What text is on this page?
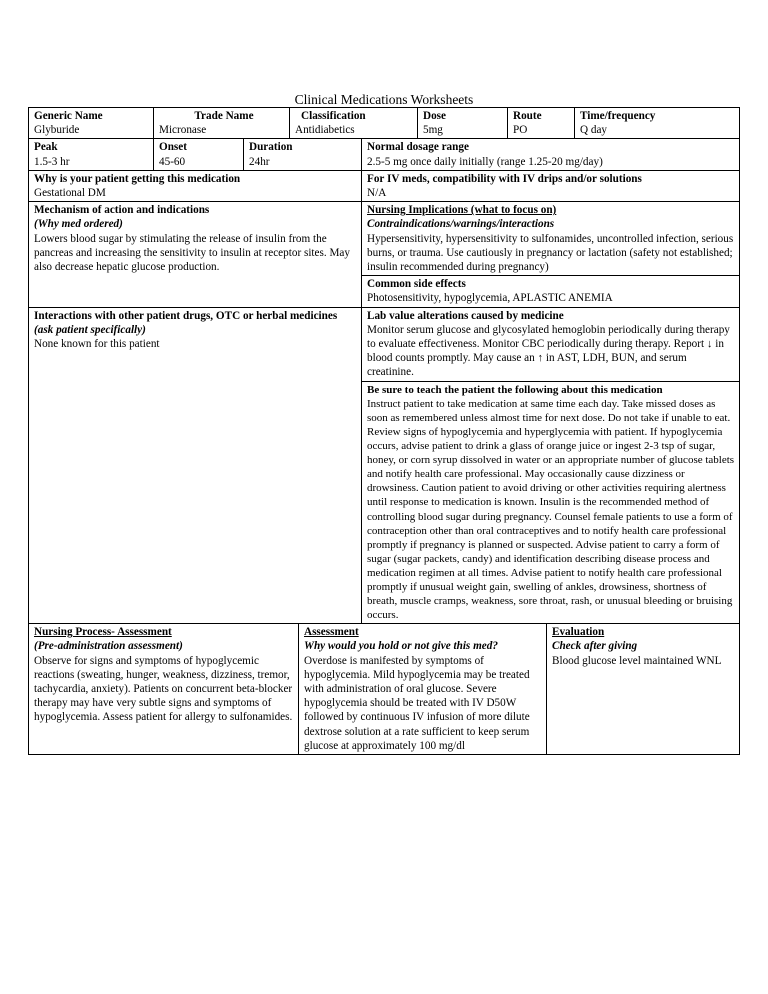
Clinical Medications Worksheets
Generic Name
Glyburide
Trade Name
Micronase
Classification
Antidiabetics
Dose
5mg
Route
PO
Time/frequency
Q day
Peak
1.5-3 hr
Onset
45-60
Duration
24hr
Normal dosage range
2.5-5 mg once daily initially (range 1.25-20 mg/day)
Why is your patient getting this medication
Gestational DM
For IV meds, compatibility with IV drips and/or solutions
N/A
Mechanism of action and indications
(Why med ordered)
Lowers blood sugar by stimulating the release of insulin from the pancreas and increasing the sensitivity to insulin at receptor sites. May also decrease hepatic glucose production.
Nursing Implications (what to focus on)
Contraindications/warnings/interactions
Hypersensitivity, hypersensitivity to sulfonamides, uncontrolled infection, serious burns, or trauma. Use cautiously in pregnancy or lactation (safety not established; insulin recommended during pregnancy)
Common side effects
Photosensitivity, hypoglycemia, APLASTIC ANEMIA
Interactions with other patient drugs, OTC or herbal medicines (ask patient specifically)
None known for this patient
Lab value alterations caused by medicine
Monitor serum glucose and glycosylated hemoglobin periodically during therapy to evaluate effectiveness. Monitor CBC periodically during therapy. Report ↓ in blood counts promptly. May cause an ↑ in AST, LDH, BUN, and serum creatinine.
Be sure to teach the patient the following about this medication
Instruct patient to take medication at same time each day. Take missed doses as soon as remembered unless almost time for next dose. Do not take if unable to eat. Review signs of hypoglycemia and hyperglycemia with patient. If hypoglycemia occurs, advise patient to drink a glass of orange juice or ingest 2-3 tsp of sugar, honey, or corn syrup dissolved in water or an appropriate number of glucose tablets and notify health care professional. May occasionally cause dizziness or drowsiness. Caution patient to avoid driving or other activities requiring alertness until response to medication is known. Insulin is the recommended method of controlling blood sugar during pregnancy. Counsel female patients to use a form of contraception other than oral contraceptives and to notify health care professional promptly if pregnancy is planned or suspected. Advise patient to carry a form of sugar (sugar packets, candy) and identification describing disease process and medication regimen at all times. Advise patient to notify health care professional promptly if unusual weight gain, swelling of ankles, drowsiness, shortness of breath, muscle cramps, weakness, sore throat, rash, or unusual bleeding or bruising occurs.
Nursing Process- Assessment
(Pre-administration assessment)
Observe for signs and symptoms of hypoglycemic reactions (sweating, hunger, weakness, dizziness, tremor, tachycardia, anxiety). Patients on concurrent beta-blocker therapy may have very subtle signs and symptoms of hypoglycemia. Assess patient for allergy to sulfonamides.
Assessment
Why would you hold or not give this med?
Overdose is manifested by symptoms of hypoglycemia. Mild hypoglycemia may be treated with administration of oral glucose. Severe hypoglycemia should be treated with IV D50W followed by continuous IV infusion of more dilute dextrose solution at a rate sufficient to keep serum glucose at approximately 100 mg/dl
Evaluation
Check after giving
Blood glucose level maintained WNL
